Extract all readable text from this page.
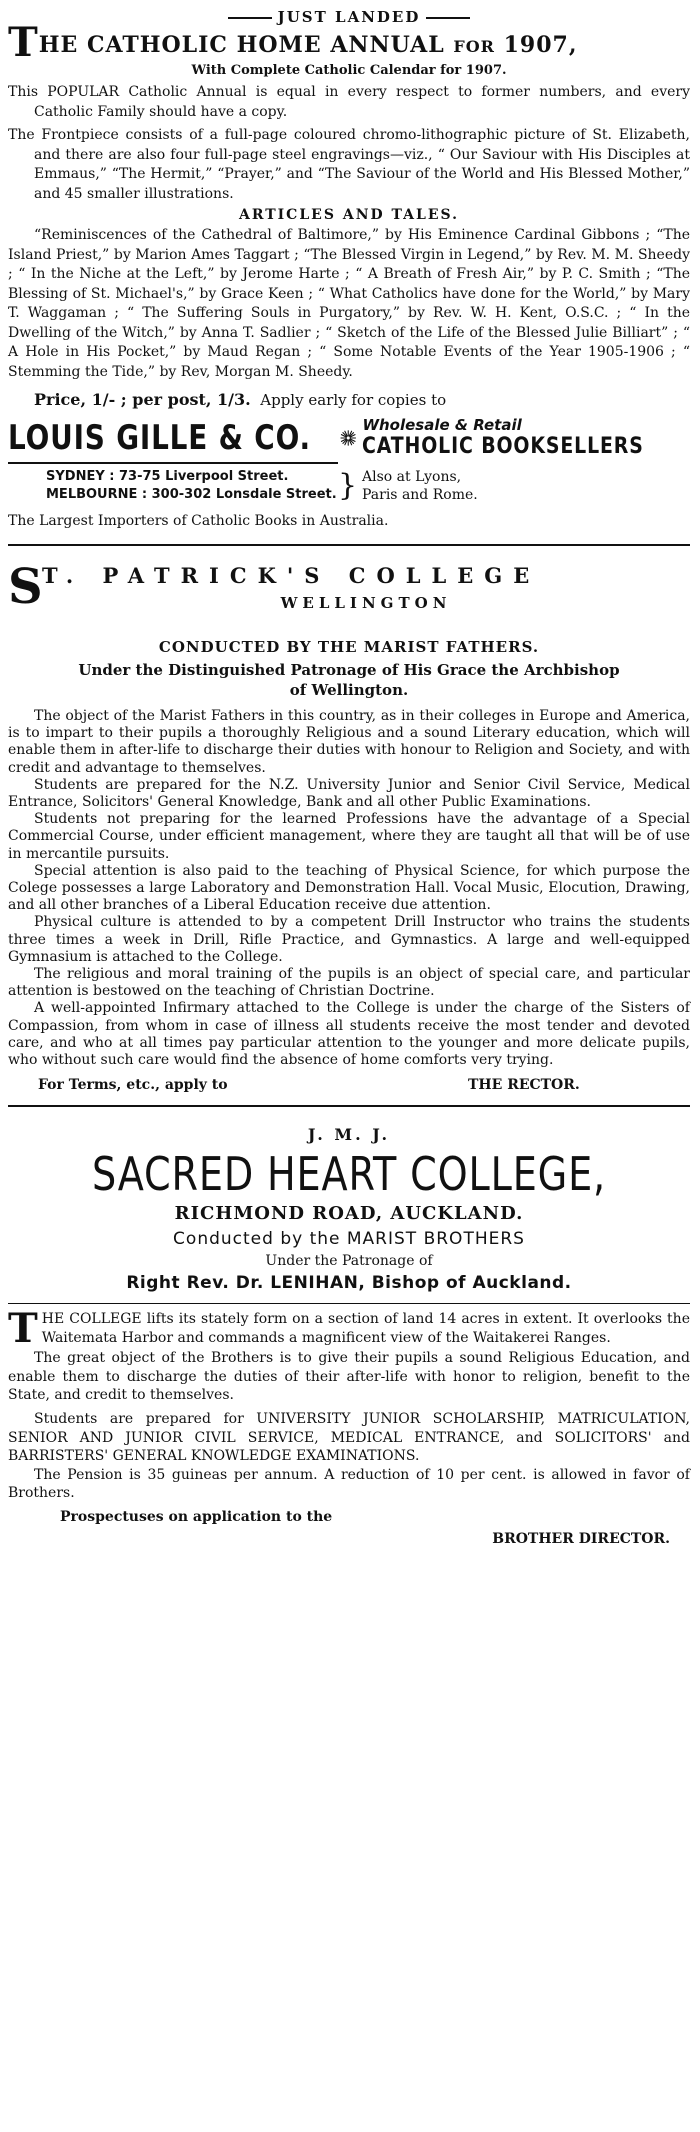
JUST LANDED
THE CATHOLIC HOME ANNUAL FOR 1907,

With Complete Catholic Calendar for 1907.

This POPULAR Catholic Annual is equal in every respect to former numbers, and every Catholic Family should have a copy.

The Frontpiece consists of a full-page coloured chromo-lithographic picture of St. Elizabeth, and there are also four full-page steel engravings—viz., “ Our Saviour with His Disciples at Emmaus,” “The Hermit,” “Prayer,” and “The Saviour of the World and His Blessed Mother,” and 45 smaller illustrations.

ARTICLES AND TALES.

“Reminiscences of the Cathedral of Baltimore,” by His Eminence Cardinal Gibbons ; “The Island Priest,” by Marion Ames Taggart ; “The Blessed Virgin in Legend,” by Rev. M. M. Sheedy ; “ In the Niche at the Left,” by Jerome Harte ; “ A Breath of Fresh Air,” by P. C. Smith ; “The Blessing of St. Michael's,” by Grace Keen ; “ What Catholics have done for the World,” by Mary T. Waggaman ; “ The Suffering Souls in Purgatory,” by Rev. W. H. Kent, O.S.C. ; “ In the Dwelling of the Witch,” by Anna T. Sadlier ; “ Sketch of the Life of the Blessed Julie Billiart” ; “ A Hole in His Pocket,” by Maud Regan ; “ Some Notable Events of the Year 1905-1906 ; “ Stemming the Tide,” by Rev, Morgan M. Sheedy.

Price, 1/- ; per post, 1/3. Apply early for copies to

LOUIS GILLE & CO.	Wholesale & Retail
CATHOLIC BOOKSELLERS
SYDNEY : 73-75 Liverpool Street.
MELBOURNE : 300-302 Lonsdale Street. } Also at Lyons,
Paris and Rome.

The Largest Importers of Catholic Books in Australia.

S T. PATRICK'S COLLEGE
WELLINGTON

CONDUCTED BY THE MARIST FATHERS.

Under the Distinguished Patronage of His Grace the Archbishop of Wellington.

The object of the Marist Fathers in this country, as in their colleges in Europe and America, is to impart to their pupils a thoroughly Religious and a sound Literary education, which will enable them in after-life to discharge their duties with honour to Religion and Society, and with credit and advantage to themselves.

Students are prepared for the N.Z. University Junior and Senior Civil Service, Medical Entrance, Solicitors' General Knowledge, Bank and all other Public Examinations.

Students not preparing for the learned Professions have the advantage of a Special Commercial Course, under efficient management, where they are taught all that will be of use in mercantile pursuits.

Special attention is also paid to the teaching of Physical Science, for which purpose the Colege possesses a large Laboratory and Demonstration Hall. Vocal Music, Elocution, Drawing, and all other branches of a Liberal Education receive due attention.

Physical culture is attended to by a competent Drill Instructor who trains the students three times a week in Drill, Rifle Practice, and Gymnastics. A large and well-equipped Gymnasium is attached to the College.

The religious and moral training of the pupils is an object of special care, and particular attention is bestowed on the teaching of Christian Doctrine.

A well-appointed Infirmary attached to the College is under the charge of the Sisters of Compassion, from whom in case of illness all students receive the most tender and devoted care, and who at all times pay particular attention to the younger and more delicate pupils, who without such care would find the absence of home comforts very trying.

For Terms, etc., apply to	THE RECTOR.

J. M. J.

SACRED HEART COLLEGE,

RICHMOND ROAD, AUCKLAND.

Conducted by the MARIST BROTHERS

Under the Patronage of

Right Rev. Dr. LENIHAN, Bishop of Auckland.

THE COLLEGE lifts its stately form on a section of land 14 acres in extent. It overlooks the Waitemata Harbor and commands a magnificent view of the Waitakerei Ranges.

The great object of the Brothers is to give their pupils a sound Religious Education, and enable them to discharge the duties of their after-life with honor to religion, benefit to the State, and credit to themselves.

Students are prepared for UNIVERSITY JUNIOR SCHOLARSHIP, MATRICULATION, SENIOR AND JUNIOR CIVIL SERVICE, MEDICAL ENTRANCE, and SOLICITORS' and BARRISTERS' GENERAL KNOWLEDGE EXAMINATIONS.

The Pension is 35 guineas per annum. A reduction of 10 per cent. is allowed in favor of Brothers.

Prospectuses on application to the
BROTHER DIRECTOR.
